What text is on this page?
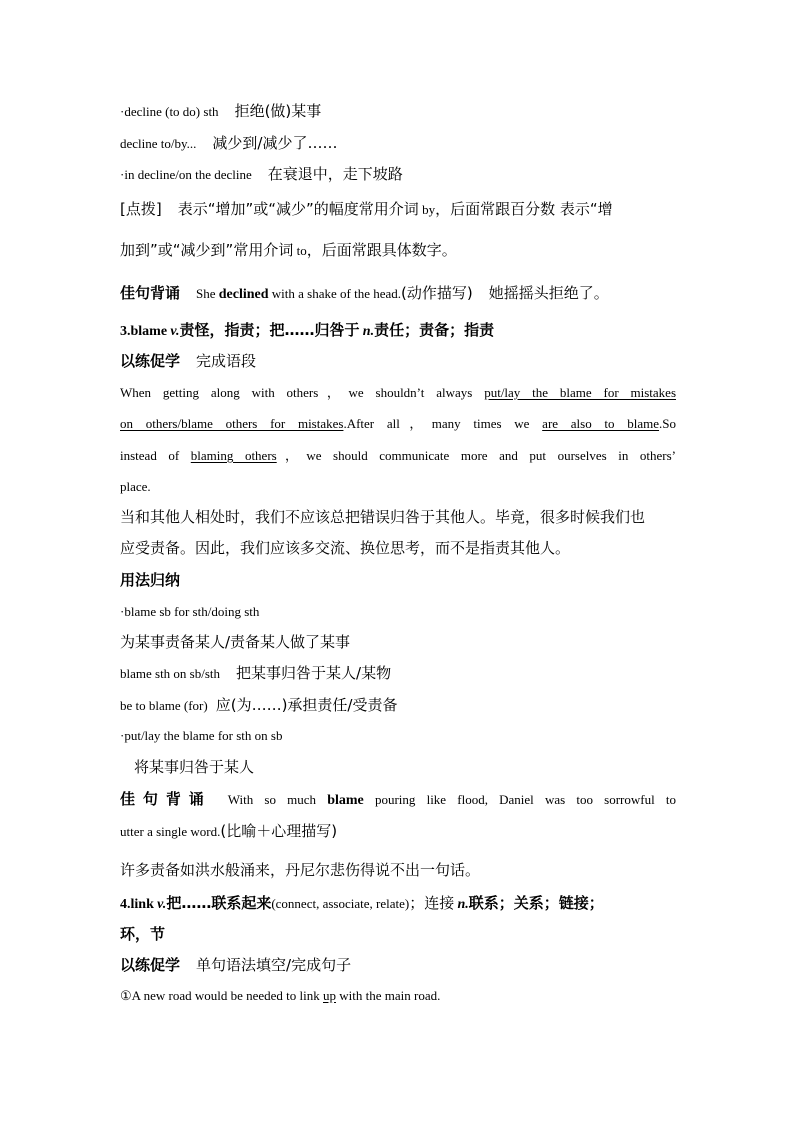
·decline (to do) sth 拒绝(做)某事
decline to/by... 减少到/减少了……
·in decline/on the decline 在衰退中，走下坡路
[点拨] 表示“增加”或“减少”的幅度常用介词 by，后面常跟百分数 表示“增
加到”或“减少到”常用介词 to，后面常跟具体数字。
佳句背诵 She declined with a shake of the head.(动作描写) 她摇摇头拒绝了。
3.blame v.责怪，指责；把……归咎于 n.责任；责备；指责
以练促学 完成语段
When getting along with others，we shouldn’t always put/lay the blame for mistakes
on others/blame others for mistakes.After all，many times we are also to blame.So
instead of blaming others，we should communicate more and put ourselves in others’
place.
当和其他人相处时，我们不应该总把错误归咎于其他人。毕竟，很多时候我们也
应受责备。因此，我们应该多交流、换位思考，而不是指责其他人。
用法归纳
·blame sb for sth/doing sth
为某事责备某人/责备某人做了某事
blame sth on sb/sth 把某事归咎于某人/某物
be to blame (for) 应(为……)承担责任/受责备
·put/lay the blame for sth on sb
将某事归咎于某人
佳句背诵 With so much blame pouring like flood, Daniel was too sorrowful to
utter a single word.(比喻＋心理描写)
许多责备如洪水般涌来，丹尼尔悲伤得说不出一句话。
4.link v.把……联系起来(connect, associate, relate)；连接 n.联系；关系；链接；
环，节
以练促学 单句语法填空/完成句子
①A new road would be needed to link up with the main road.
